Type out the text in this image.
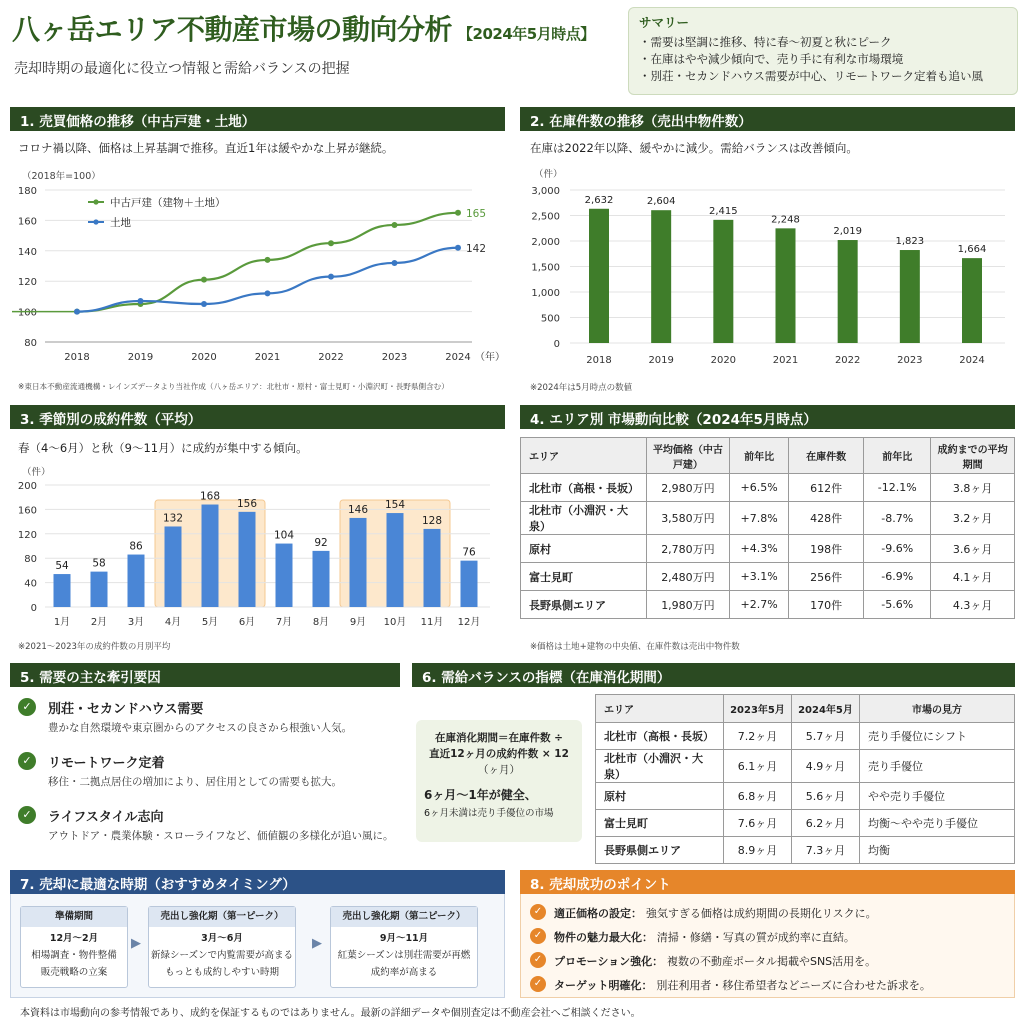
八ヶ岳エリア不動産市場の動向分析 【2024年5月時点】
売却時期の最適化に役立つ情報と需給バランスの把握
サマリー
・ 需要は堅調に推移、特に春〜初夏と秋にピーク
・ 在庫はやや減少傾向で、売り手に有利な市場環境
・ 別荘・セカンドハウス需要が中心、リモートワーク定着も追い風
1. 売買価格の推移（中古戸建・土地）
コロナ禍以降、価格は上昇基調で推移。直近1年は緩やかな上昇が継続。
（2018年=100）
80
100
120
140
160
180
2018	2019	2020	2021	2022	2023	2024 （年）
165
中古戸建（建物＋土地）
142
土地
※東日本不動産流通機構・レインズデータより当社作成（八ヶ岳エリア：北杜市・原村・富士見町・小淵沢町・長野県側含む）
2. 在庫件数の推移（売出中物件数）
在庫は2022年以降、緩やかに減少。需給バランスは改善傾向。
（件）
0
500
1,000
1,500
2,000
2,500
3,000
2,632
2018
2,604
2019
2,415
2020
2,248
2021
2,019
2022
1,823
2023
1,664
2024
※2024年は5月時点の数値
3. 季節別の成約件数（平均）
春（4〜6月）と秋（9〜11月）に成約が集中する傾向。
（件）
0
40
80
120
160
200
54
1月
58
2月
86
3月
132
4月
168
5月
156
6月
104
7月
92
8月
146
9月
154
10月
128
11月
76
12月
※2021〜2023年の成約件数の月別平均
4. エリア別 市場動向比較（2024年5月時点）
エリア	平均価格（中古戸建）	前年比	在庫件数	前年比	成約までの平均期間
北杜市（高根・長坂）	2,980万円	+6.5%	612件	-12.1%	3.8ヶ月
北杜市（小淵沢・大泉）	3,580万円	+7.8%	428件	-8.7%	3.2ヶ月
原村	2,780万円	+4.3%	198件	-9.6%	3.6ヶ月
富士見町	2,480万円	+3.1%	256件	-6.9%	4.1ヶ月
長野県側エリア	1,980万円	+2.7%	170件	-5.6%	4.3ヶ月
※価格は土地+建物の中央値、在庫件数は売出中物件数
5. 需要の主な牽引要因
✓	別荘・セカンドハウス需要
豊かな自然環境や東京圏からのアクセスの良さから根強い人気。
✓	リモートワーク定着
移住・二拠点居住の増加により、居住用としての需要も拡大。
✓	ライフスタイル志向
アウトドア・農業体験・スローライフなど、価値観の多様化が追い風に。
6. 需給バランスの指標（在庫消化期間）
在庫消化期間＝在庫件数 ÷
直近12ヶ月の成約件数 × 12
（ヶ月）
6ヶ月〜1年が健全、
6ヶ月未満は売り手優位の市場
エリア	2023年5月	2024年5月	市場の見方
北杜市（高根・長坂）	7.2ヶ月	5.7ヶ月	売り手優位にシフト
北杜市（小淵沢・大泉）	6.1ヶ月	4.9ヶ月	売り手優位
原村	6.8ヶ月	5.6ヶ月	やや売り手優位
富士見町	7.6ヶ月	6.2ヶ月	均衡〜やや売り手優位
長野県側エリア	8.9ヶ月	7.3ヶ月	均衡
7. 売却に最適な時期（おすすめタイミング）
準備期間
12月〜2月
相場調査・物件整備
販売戦略の立案
▶
売出し強化期（第一ピーク）
3月〜6月
新緑シーズンで内覧需要が高まる
もっとも成約しやすい時期
▶
売出し強化期（第二ピーク）
9月〜11月
紅葉シーズンは別荘需要が再燃
成約率が高まる
8. 売却成功のポイント
✓	適正価格の設定： 強気すぎる価格は成約期間の長期化リスクに。
✓	物件の魅力最大化： 清掃・修繕・写真の質が成約率に直結。
✓	プロモーション強化： 複数の不動産ポータル掲載やSNS活用を。
✓	ターゲット明確化： 別荘利用者・移住希望者などニーズに合わせた訴求を。
本資料は市場動向の参考情報であり、成約を保証するものではありません。最新の詳細データや個別査定は不動産会社へご相談ください。
